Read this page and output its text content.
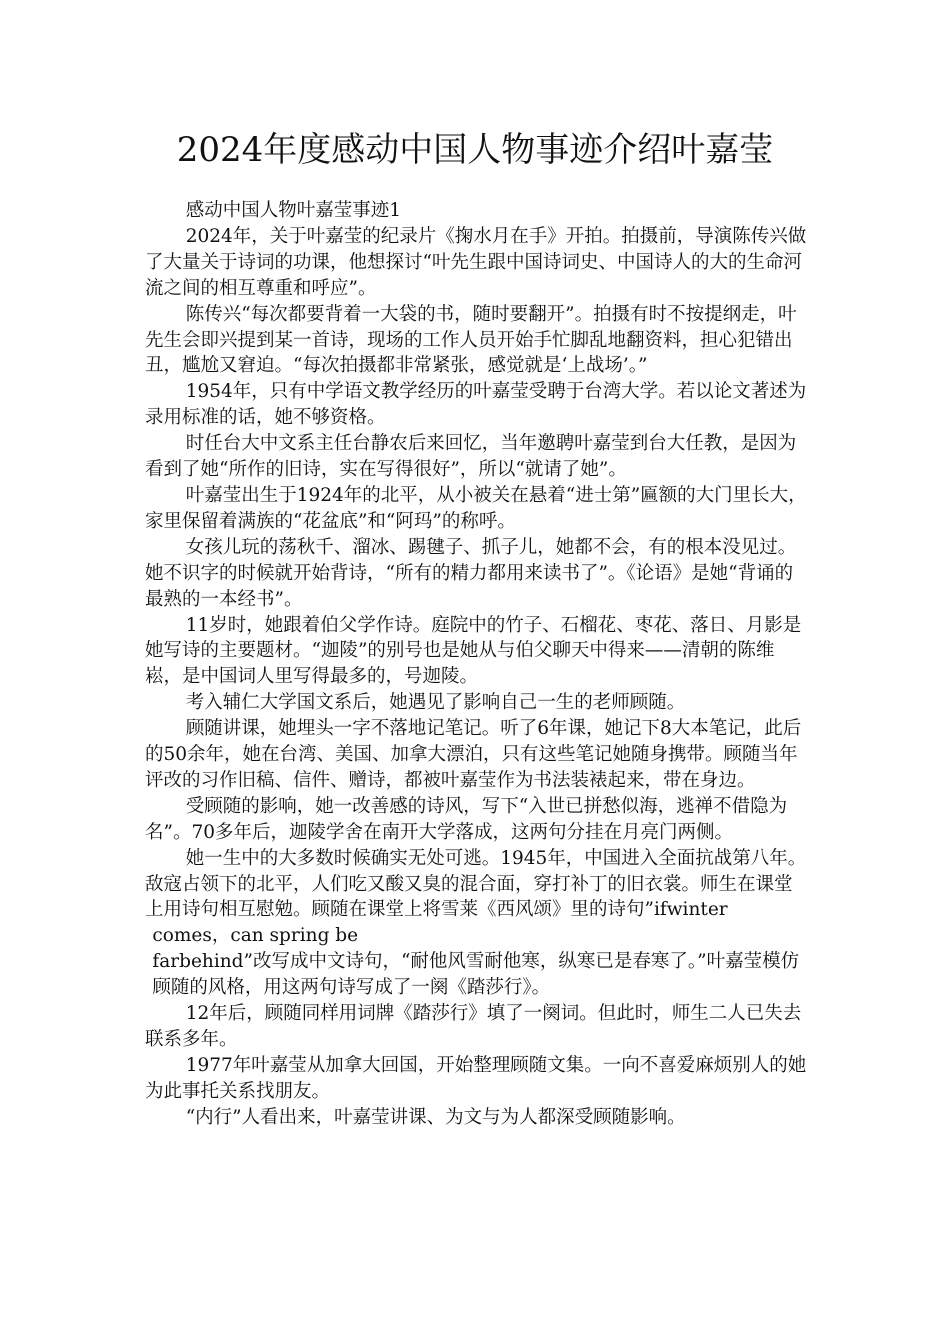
2024年度感动中国人物事迹介绍叶嘉莹

感动中国人物叶嘉莹事迹1

2024年，关于叶嘉莹的纪录片《掬水月在手》开拍。拍摄前，导演陈传兴做了大量关于诗词的功课，他想探讨“叶先生跟中国诗词史、中国诗人的大的生命河流之间的相互尊重和呼应”。

陈传兴“每次都要背着一大袋的书，随时要翻开”。拍摄有时不按提纲走，叶先生会即兴提到某一首诗，现场的工作人员开始手忙脚乱地翻资料，担心犯错出丑，尴尬又窘迫。“每次拍摄都非常紧张，感觉就是‘上战场’。”

1954年，只有中学语文教学经历的叶嘉莹受聘于台湾大学。若以论文著述为录用标准的话，她不够资格。

时任台大中文系主任台静农后来回忆，当年邀聘叶嘉莹到台大任教，是因为看到了她“所作的旧诗，实在写得很好”，所以“就请了她”。

叶嘉莹出生于1924年的北平，从小被关在悬着“进士第”匾额的大门里长大，家里保留着满族的“花盆底”和“阿玛”的称呼。

女孩儿玩的荡秋千、溜冰、踢毽子、抓子儿，她都不会，有的根本没见过。她不识字的时候就开始背诗，“所有的精力都用来读书了”。《论语》是她“背诵的最熟的一本经书”。

11岁时，她跟着伯父学作诗。庭院中的竹子、石榴花、枣花、落日、月影是她写诗的主要题材。“迦陵”的别号也是她从与伯父聊天中得来——清朝的陈维崧，是中国词人里写得最多的，号迦陵。

考入辅仁大学国文系后，她遇见了影响自己一生的老师顾随。

顾随讲课，她埋头一字不落地记笔记。听了6年课，她记下8大本笔记，此后的50余年，她在台湾、美国、加拿大漂泊，只有这些笔记她随身携带。顾随当年评改的习作旧稿、信件、赠诗，都被叶嘉莹作为书法装裱起来，带在身边。

受顾随的影响，她一改善感的诗风，写下“入世已拼愁似海，逃禅不借隐为名”。70多年后，迦陵学舍在南开大学落成，这两句分挂在月亮门两侧。

她一生中的大多数时候确实无处可逃。1945年，中国进入全面抗战第八年。敌寇占领下的北平，人们吃又酸又臭的混合面，穿打补丁的旧衣裳。师生在课堂上用诗句相互慰勉。顾随在课堂上将雪莱《西风颂》里的诗句”ifwinter

comes，can spring be

farbehind”改写成中文诗句，“耐他风雪耐他寒，纵寒已是春寒了。”叶嘉莹模仿顾随的风格，用这两句诗写成了一阕《踏莎行》。

12年后，顾随同样用词牌《踏莎行》填了一阕词。但此时，师生二人已失去联系多年。

1977年叶嘉莹从加拿大回国，开始整理顾随文集。一向不喜爱麻烦别人的她为此事托关系找朋友。

“内行”人看出来，叶嘉莹讲课、为文与为人都深受顾随影响。
